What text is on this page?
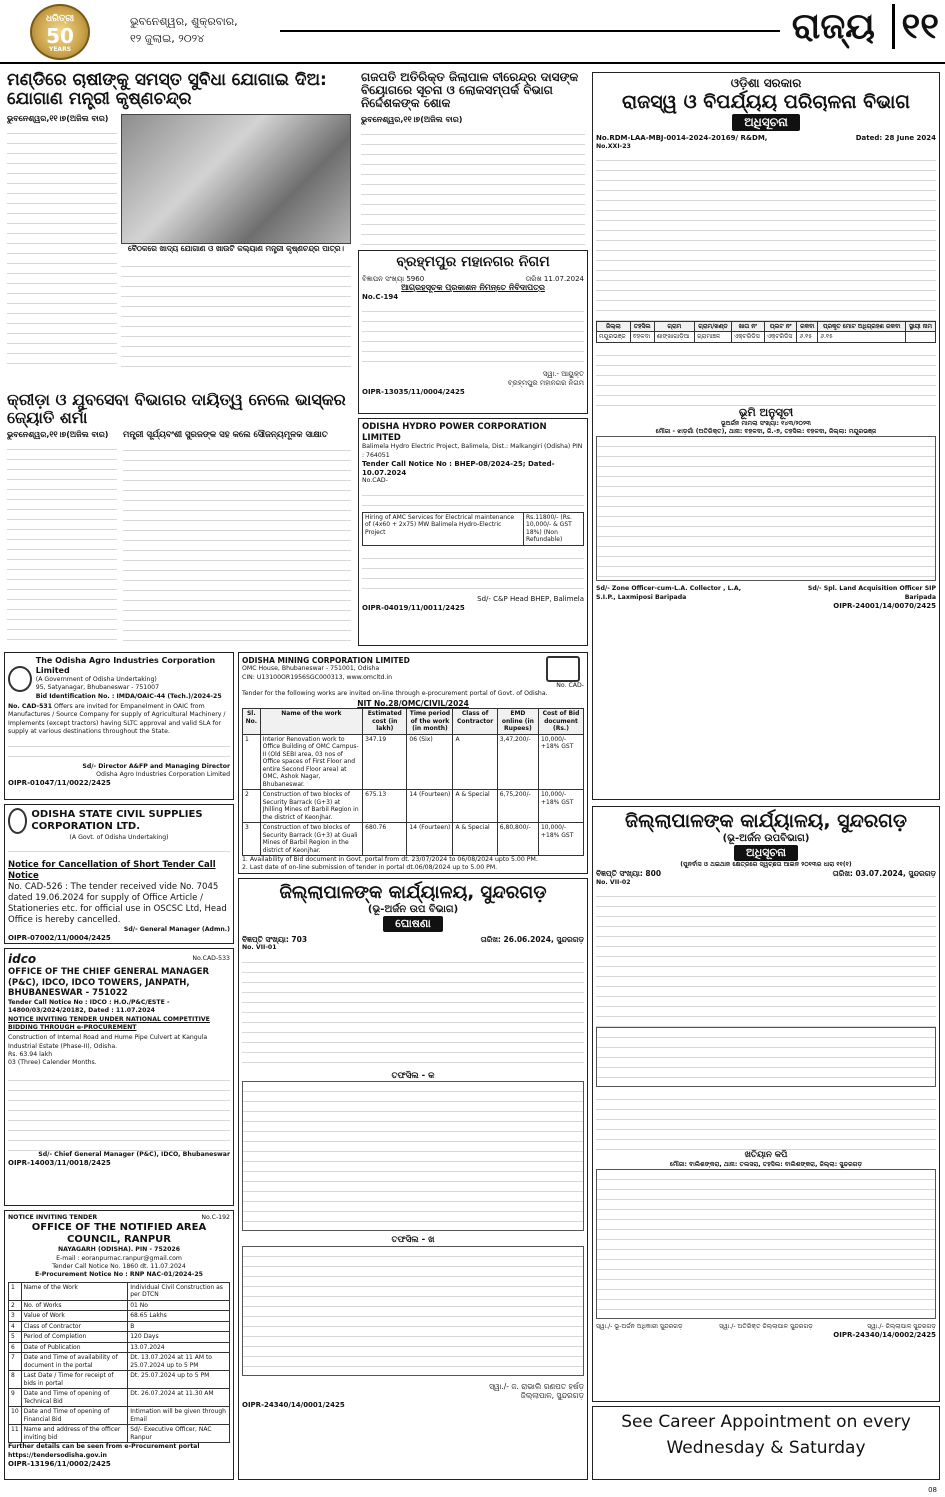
ଧରିତ୍ରୀ
50
YEARS
ଭୁବନେଶ୍ୱର, ଶୁକ୍ରବାର,
୧୨ ଜୁଲାଇ, ୨୦୨୪	ରାଜ୍ୟ ୧୧
ମଣ୍ଡିରେ ଚାଷୀଙ୍କୁ ସମସ୍ତ ସୁବିଧା ଯୋଗାଇ ଦିଅ: ଯୋଗାଣ ମନ୍ତ୍ରୀ କୃଷ୍ଣଚନ୍ଦ୍ର
ଭୁବନେଶ୍ୱର,୧୧।୭(ଅଜିଲ ବାର)
ବୈଠକରେ ଖାଦ୍ୟ ଯୋଗାଣ ଓ ଖାଉଟି କଲ୍ୟାଣ ମନ୍ତ୍ରୀ କୃଷ୍ଣଚନ୍ଦ୍ର ପାତ୍ର।
ଗଜପତି ଅତିରିକ୍ତ ଜିଲାପାଳ ବୀରେନ୍ଦ୍ର ଦାସଙ୍କ ବିୟୋଗରେ ସୂଚନା ଓ ଲୋକସମ୍ପର୍କ ବିଭାଗ ନିର୍ଦ୍ଦେଶକଙ୍କ ଶୋକ
ଭୁବନେଶ୍ୱର,୧୧।୭(ଅଜିଲ ବାର)
ବ୍ରହ୍ମପୁର ମହାନଗର ନିଗମ
ବିଜ୍ଞାପନ ସଂଖ୍ୟା 5960	ତାରିଖ 11.07.2024
ଆଗ୍ରହସୂଚକ ପ୍ରକାଶନ ନିମନ୍ତେ ନିବିଦାପତ୍ର
No.C-194
ସ୍ୱା.- ଆୟୁକ୍ତ
ବ୍ରହ୍ମପୁର ମହାନଗର ନିଗମ
OIPR-13035/11/0004/2425
କ୍ରୀଡ଼ା ଓ ଯୁବସେବା ବିଭାଗର ଦାୟିତ୍ୱ ନେଲେ ଭାସ୍କର ଜ୍ୟୋତି ଶର୍ମା
ଭୁବନେଶ୍ୱର,୧୧।୭(ଅଜିଲ ବାର)	ମନ୍ତ୍ରୀ ସୂର୍ଯ୍ୟବଂଶୀ ସୁରଜଙ୍କ ସହ କଲେ ସୌଜନ୍ୟମୂଳକ ସାକ୍ଷାତ
ODISHA HYDRO POWER CORPORATION LIMITED
Balimela Hydro Electric Project, Balimela, Dist.: Malkangiri (Odisha) PIN : 764051
Tender Call Notice No : BHEP-08/2024-25; Dated-10.07.2024
No.CAD-
Hiring of AMC Services for Electrical maintenance of (4x60 + 2x75) MW Balimela Hydro-Electric Project	Rs.11800/- (Rs. 10,000/- & GST 18%) (Non Refundable)
Sd/- C&P Head BHEP, Balimela
OIPR-04019/11/0011/2425
The Odisha Agro Industries Corporation Limited
(A Government of Odisha Undertaking)
95, Satyanagar, Bhubaneswar - 751007
Bid Identification No. : IMDA/OAIC-44 (Tech.)/2024-25
No. CAD-531 Offers are invited for Empanelment in OAIC from Manufactures / Source Company for supply of Agricultural Machinery / Implements (except tractors) having SLTC approval and valid SLA for supply at various destinations throughout the State.
Sd/- Director A&FP and Managing Director
Odisha Agro Industries Corporation Limited
OIPR-01047/11/0022/2425
ODISHA MINING CORPORATION LIMITED
OMC House, Bhubaneswar - 751001, Odisha
CIN: U13100OR1956SGC000313, www.omcltd.in
No. CAD-
Tender for the following works are invited on-line through e-procurement portal of Govt. of Odisha.
NIT No.28/OMC/CIVIL/2024
Sl. No.	Name of the work	Estimated cost (in lakh)	Time period of the work (in month)	Class of Contractor	EMD online (in Rupees)	Cost of Bid document (Rs.)
1	Interior Renovation work to Office Building of OMC Campus-II (Old SEBI area, 03 nos of Office spaces of First Floor and entire Second Floor area) at OMC, Ashok Nagar, Bhubaneswar.	347.19	06 (Six)	A	3,47,200/-	10,000/- +18% GST
2	Construction of two blocks of Security Barrack (G+3) at Jhilling Mines of Barbil Region in the district of Keonjhar.	675.13	14 (Fourteen)	A & Special	6,75,200/-	10,000/- +18% GST
3	Construction of two blocks of Security Barrack (G+3) at Guali Mines of Barbil Region in the district of Keonjhar.	680.76	14 (Fourteen)	A & Special	6,80,800/-	10,000/- +18% GST
1. Availability of Bid document in Govt. portal from dt. 23/07/2024 to 06/08/2024 upto 5.00 PM.
2. Last date of on-line submission of tender in portal dt.06/08/2024 up to 5.00 PM.
ODISHA STATE CIVIL SUPPLIES CORPORATION LTD.
(A Govt. of Odisha Undertaking)
Notice for Cancellation of Short Tender Call Notice
No. CAD-526 : The tender received vide No. 7045 dated 19.06.2024 for supply of Office Article / Stationeries etc. for official use in OSCSC Ltd, Head Office is hereby cancelled.
Sd/- General Manager (Admn.)
OIPR-07002/11/0004/2425
idco	No.CAD-533
OFFICE OF THE CHIEF GENERAL MANAGER (P&C), IDCO, IDCO TOWERS, JANPATH, BHUBANESWAR - 751022
Tender Call Notice No : IDCO : H.O./P&C/ESTE - 14800/03/2024/20182, Dated : 11.07.2024
NOTICE INVITING TENDER UNDER NATIONAL COMPETITIVE BIDDING THROUGH e-PROCUREMENT
Construction of Internal Road and Hume Pipe Culvert at Kangula Industrial Estate (Phase-II), Odisha.
Rs. 63.94 lakh
03 (Three) Calender Months.
Sd/- Chief General Manager (P&C), IDCO, Bhubaneswar
OIPR-14003/11/0018/2425
NOTICE INVITING TENDER	No.C-192
OFFICE OF THE NOTIFIED AREA COUNCIL, RANPUR
NAYAGARH (ODISHA). PIN - 752026
E-mail : eoranpurnac.ranpur@gmail.com
Tender Call Notice No. 1860 dt. 11.07.2024
E-Procurement Notice No : RNP NAC-01/2024-25
1	Name of the Work	Individual Civil Construction as per DTCN
2	No. of Works	01 No
3	Value of Work	68.65 Lakhs
4	Class of Contractor	B
5	Period of Completion	120 Days
6	Date of Publication	13.07.2024
7	Date and Time of availability of document in the portal	Dt. 13.07.2024 at 11 AM to 25.07.2024 up to 5 PM
8	Last Date / Time for receipt of bids in portal	Dt. 25.07.2024 up to 5 PM
9	Date and Time of opening of Technical Bid	Dt. 26.07.2024 at 11.30 AM
10	Date and Time of opening of Financial Bid	Intimation will be given through Email
11	Name and address of the officer inviting bid	Sd/- Executive Officer, NAC Ranpur
Further details can be seen from e-Procurement portal https://tendersodisha.gov.in
OIPR-13196/11/0002/2425
ଜିଲ୍ଲାପାଳଙ୍କ କାର୍ଯ୍ୟାଳୟ, ସୁନ୍ଦରଗଡ଼
(ଭୂ-ଅର୍ଜନ ଉପ ବିଭାଗ)
ଘୋଷଣା
ବିଜ୍ଞପ୍ତି ସଂଖ୍ୟା: 703	ତାରିଖ: 26.06.2024, ସୁନ୍ଦରଗଡ଼
No. VII-01
ତଫସିଲ - କ
ତଫସିଲ - ଖ
ସ୍ୱା./- ଜ. ରାଭାଲି ଗଣପତ ହର୍ଷଡ଼
ଜିଲ୍ଲାପାଳ, ସୁନ୍ଦରଗଡ଼
OIPR-24340/14/0001/2425
ଓଡ଼ିଶା ସରକାର
ରାଜସ୍ୱ ଓ ବିପର୍ଯ୍ୟୟ ପରିଚାଳନା ବିଭାଗ
ଅଧିସୂଚନା
No.RDM-LAA-MBJ-0014-2024-20169/ R&DM,	Dated: 28 June 2024
No.XXI-23
ଜିଲ୍ଲା	ତହସିଲ	ଗ୍ରାମ	ଗ୍ରାମ/ଖଣ୍ଡ	ଖାତା ନଂ	ପ୍ଲଟ ନଂ	ରକବା	ପ୍ରକୃତ ମୋଟ ଅଧିଗ୍ରହଣ ରକବା	ସ୍ଥାୟୀ ନାମ
ମୟୂରଭଞ୍ଜ	ବହଳଦା	ଶାଙ୍ଖାଗାଡ଼ିଆ	ଗ୍ରାମାଞ୍ଚଳ	ଏକ୍ଟରିଡିସ	ଏକ୍ଟରିଡିସ	୬.୧୫	୬.୧୫	
ଭୂମି ଅନୁସୂଚୀ
ଭୂଅର୍ଜନ ମାମଲା ସଂଖ୍ୟା: ୧୪୩/୨୦୨୩
ମୌଜା - ଝାଡ଼ଗାଁ (ଅତିରିକ୍ତ), ଥାନା: ବହଳଦା, ଜି.-୭, ତହସିଲ: ବହଳଦା, ଜିଲ୍ଲା: ମୟୂରଭଞ୍ଜ
Sd/- Zone Officer-cum-L.A. Collector , L.A, S.I.P., Laxmiposi Baripada
Sd/- Spl. Land Acquisition Officer SIP Baripada
OIPR-24001/14/0070/2425
ଜିଲ୍ଲାପାଳଙ୍କ କାର୍ଯ୍ୟାଳୟ, ସୁନ୍ଦରଗଡ଼
(ଭୂ-ଅର୍ଜନ ଉପବିଭାଗ)
ଅଧିସୂଚନା
(ପୁନର୍ବାସ ଓ ଥଇଥାନ କ୍ଷେତ୍ରରେ ସ୍ୱଚ୍ଛତା ଆଇନ ୨୦୧୩ର ଧାରା ୧୧(୧)
ବିଜ୍ଞପ୍ତି ସଂଖ୍ୟା: 800	ତାରିଖ: 03.07.2024, ସୁନ୍ଦରଗଡ଼
No. VII-02
ଖତିୟାନ କପି
ମୌଜା: ବାଲିଶଙ୍କରା, ଥାନା: ତଲସରା, ତହସିଲ: ବାଲିଶଙ୍କରା, ଜିଲ୍ଲା: ସୁନ୍ଦରଗଡ଼
ସ୍ୱା./- ଭୂ-ଅର୍ଜନ ଅଧିକାରୀ ସୁନ୍ଦରଗଡ଼	ସ୍ୱା./- ଅତିରିକ୍ତ ଜିଲ୍ଲାପାଳ ସୁନ୍ଦରଗଡ଼	ସ୍ୱା./- ଜିଲ୍ଲାପାଳ ସୁନ୍ଦରଗଡ଼
OIPR-24340/14/0002/2425
See Career Appointment on every
Wednesday & Saturday
08
